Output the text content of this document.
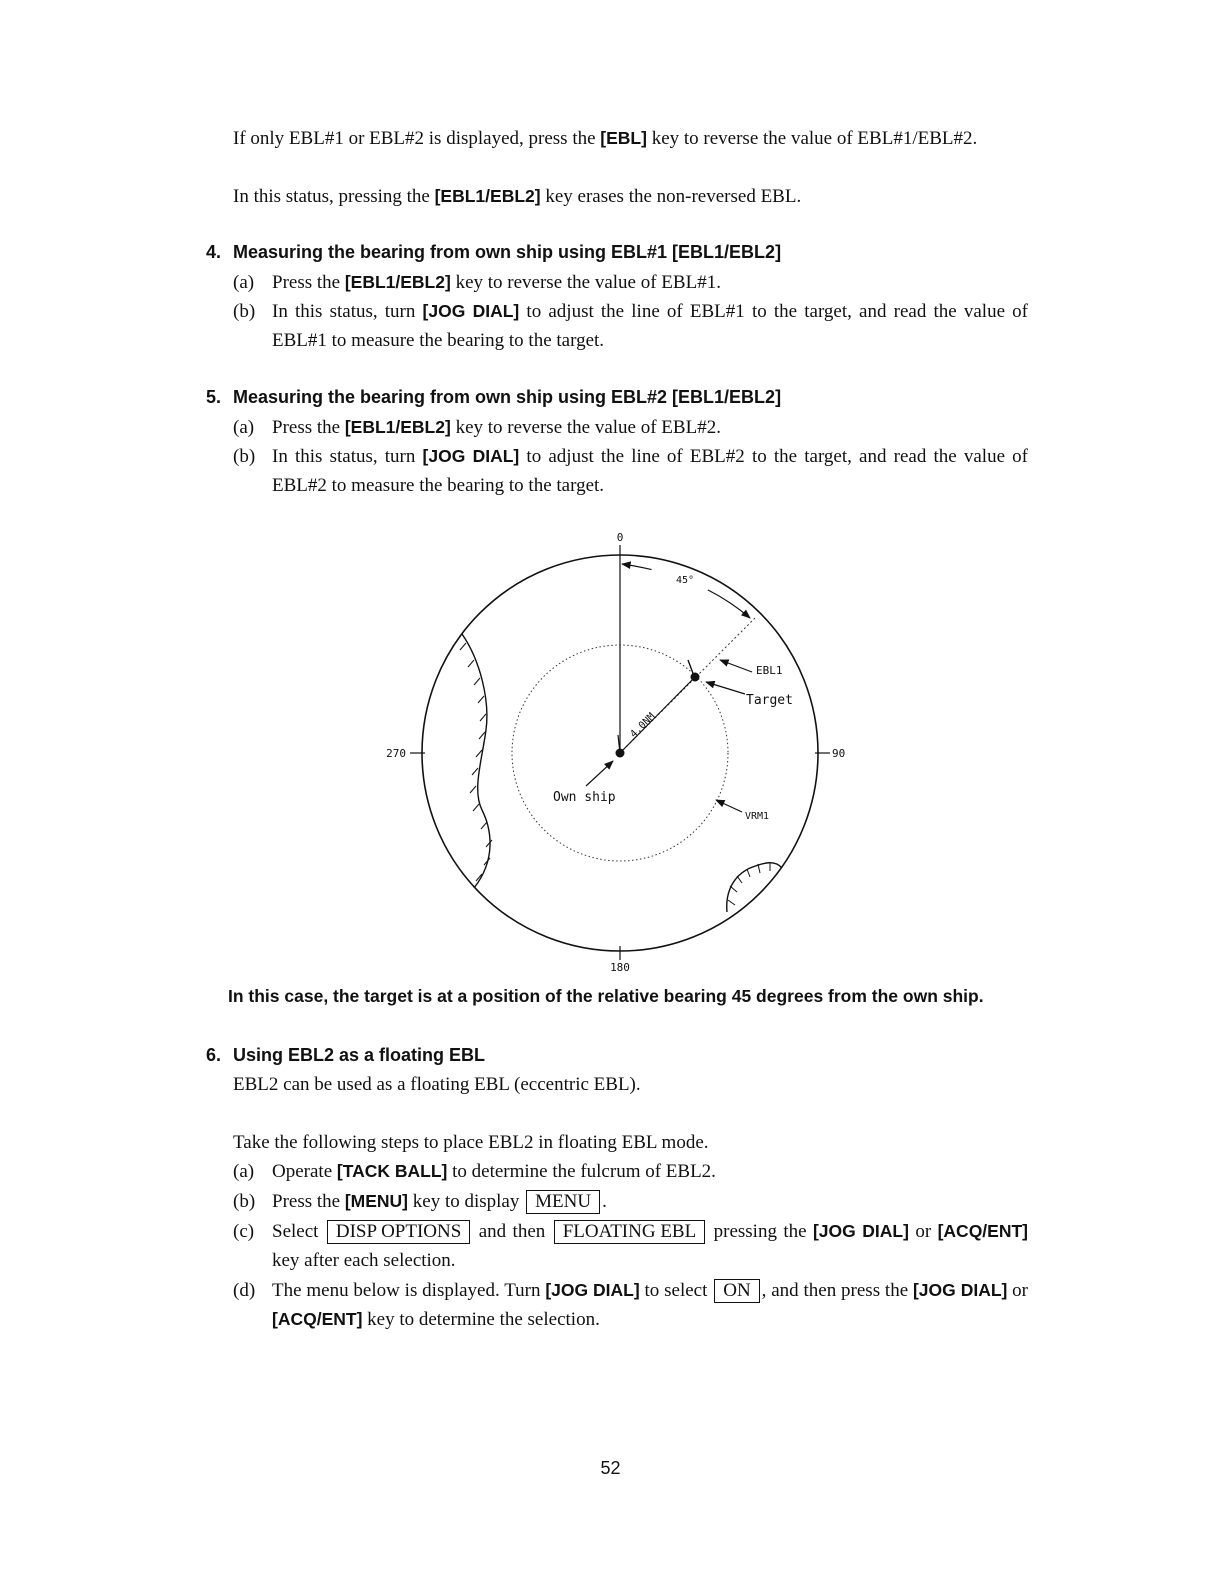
If only EBL#1 or EBL#2 is displayed, press the [EBL] key to reverse the value of EBL#1/EBL#2.
In this status, pressing the [EBL1/EBL2] key erases the non-reversed EBL.
4. Measuring the bearing from own ship using EBL#1 [EBL1/EBL2]
(a) Press the [EBL1/EBL2] key to reverse the value of EBL#1.
(b) In this status, turn [JOG DIAL] to adjust the line of EBL#1 to the target, and read the value of EBL#1 to measure the bearing to the target.
5. Measuring the bearing from own ship using EBL#2 [EBL1/EBL2]
(a) Press the [EBL1/EBL2] key to reverse the value of EBL#2.
(b) In this status, turn [JOG DIAL] to adjust the line of EBL#2 to the target, and read the value of EBL#2 to measure the bearing to the target.
0
270	90
180
45°
4.0NM
EBL1
Target
Own ship
VRM1
In this case, the target is at a position of the relative bearing 45 degrees from the own ship.
6. Using EBL2 as a floating EBL
EBL2 can be used as a floating EBL (eccentric EBL).
Take the following steps to place EBL2 in floating EBL mode.
(a) Operate [TACK BALL] to determine the fulcrum of EBL2.
(b) Press the [MENU] key to display MENU .
(c) Select DISP OPTIONS and then FLOATING EBL pressing the [JOG DIAL] or [ACQ/ENT] key after each selection.
(d) The menu below is displayed. Turn [JOG DIAL] to select ON , and then press the [JOG DIAL] or [ACQ/ENT] key to determine the selection.
52
